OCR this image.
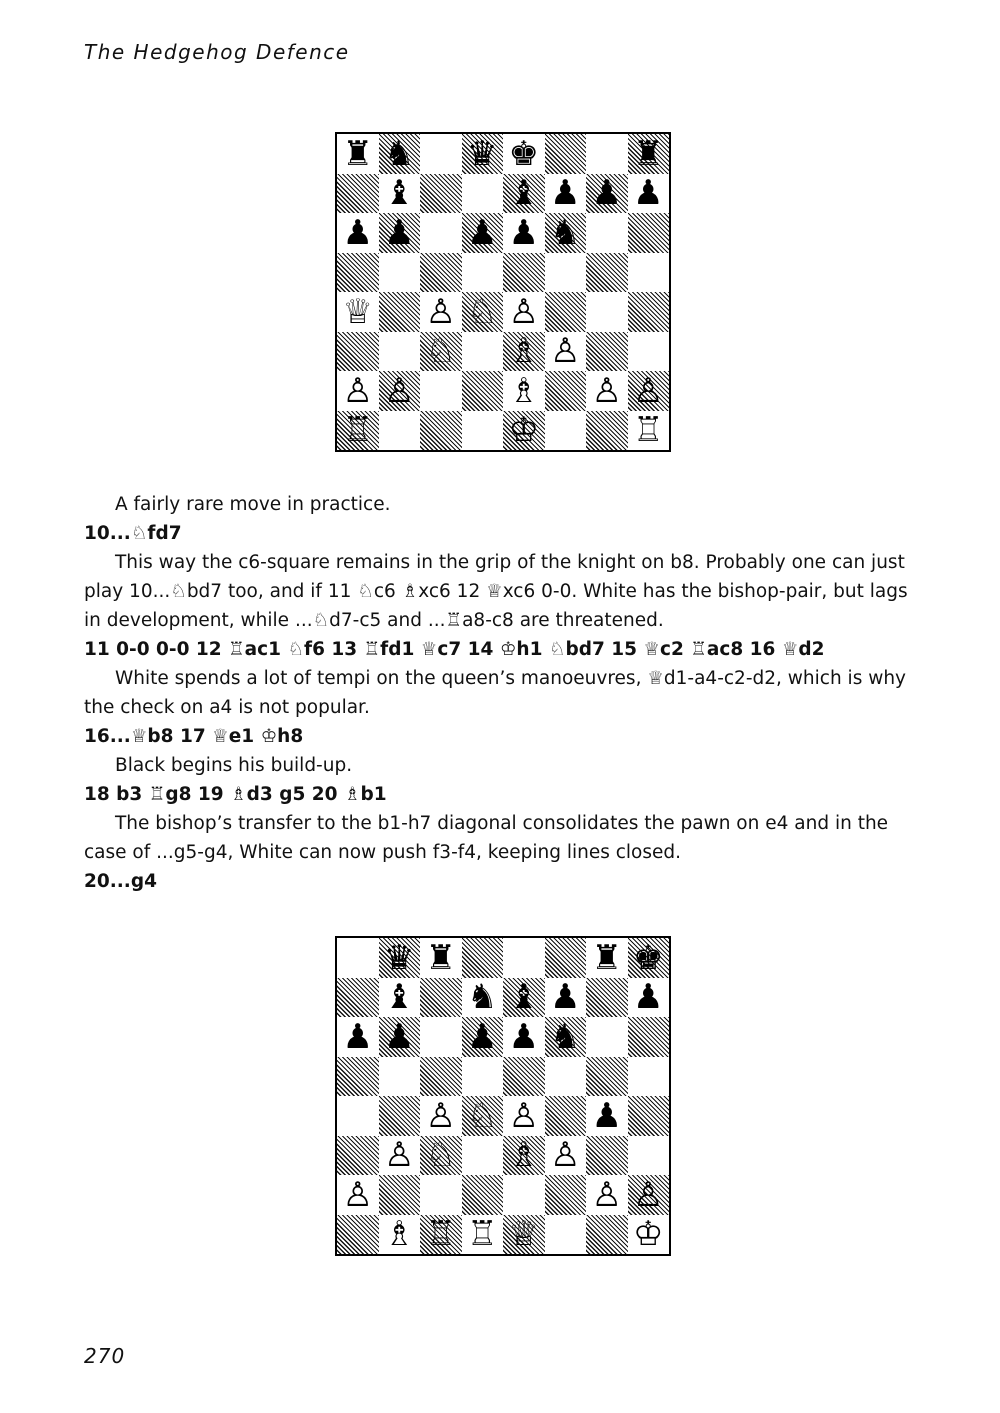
The Hedgehog Defence
♜ ♞ ♛ ♚	♜
♝	♝ ♟ ♟ ♟
♟ ♟ ♟ ♟ ♞
♕ ♙ ♘ ♙
♘ ♗ ♙
♙ ♙	♗ ♙ ♙
♖	♔	♖
A fairly rare move in practice.
10...♘fd7
This way the c6-square remains in the grip of the knight on b8. Probably one can just play 10...♘bd7 too, and if 11 ♘c6 ♗xc6 12 ♕xc6 0-0. White has the bishop-pair, but lags in development, while ...♘d7-c5 and ...♖a8-c8 are threatened.
11 0-0 0-0 12 ♖ac1 ♘f6 13 ♖fd1 ♕c7 14 ♔h1 ♘bd7 15 ♕c2 ♖ac8 16 ♕d2
White spends a lot of tempi on the queen’s manoeuvres, ♕d1-a4-c2-d2, which is why the check on a4 is not popular.
16...♕b8 17 ♕e1 ♔h8
Black begins his build-up.
18 b3 ♖g8 19 ♗d3 g5 20 ♗b1
The bishop’s transfer to the b1-h7 diagonal consolidates the pawn on e4 and in the case of ...g5-g4, White can now push f3-f4, keeping lines closed.
20...g4
♛ ♜	♜ ♚
♝ ♞ ♝ ♟ ♟
♟ ♟ ♟ ♟ ♞
♙ ♘ ♙ ♟
♙ ♘ ♗ ♙
♙	♙ ♙
♗ ♖ ♖ ♕	♔
270
